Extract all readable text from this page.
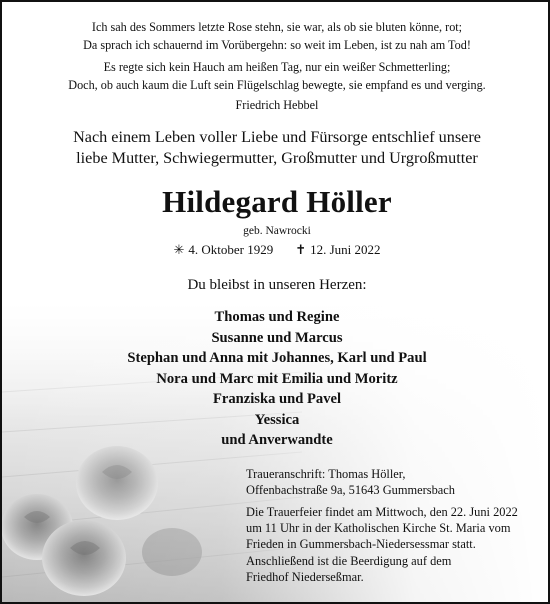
Ich sah des Sommers letzte Rose stehn, sie war, als ob sie bluten könne, rot;
Da sprach ich schauernd im Vorübergehn: so weit im Leben, ist zu nah am Tod!
Es regte sich kein Hauch am heißen Tag, nur ein weißer Schmetterling;
Doch, ob auch kaum die Luft sein Flügelschlag bewegte, sie empfand es und verging.
Friedrich Hebbel
Nach einem Leben voller Liebe und Fürsorge entschlief unsere
liebe Mutter, Schwiegermutter, Großmutter und Urgroßmutter
Hildegard Höller
geb. Nawrocki
✳ 4. Oktober 1929 ✝ 12. Juni 2022
Du bleibst in unseren Herzen:
Thomas und Regine
Susanne und Marcus
Stephan und Anna mit Johannes, Karl und Paul
Nora und Marc mit Emilia und Moritz
Franziska und Pavel
Yessica
und Anverwandte
Traueranschrift: Thomas Höller,
Offenbachstraße 9a, 51643 Gummersbach
Die Trauerfeier findet am Mittwoch, den 22. Juni 2022
um 11 Uhr in der Katholischen Kirche St. Maria vom
Frieden in Gummersbach-Niedersessmar statt.
Anschließend ist die Beerdigung auf dem
Friedhof Niederseßmar.
